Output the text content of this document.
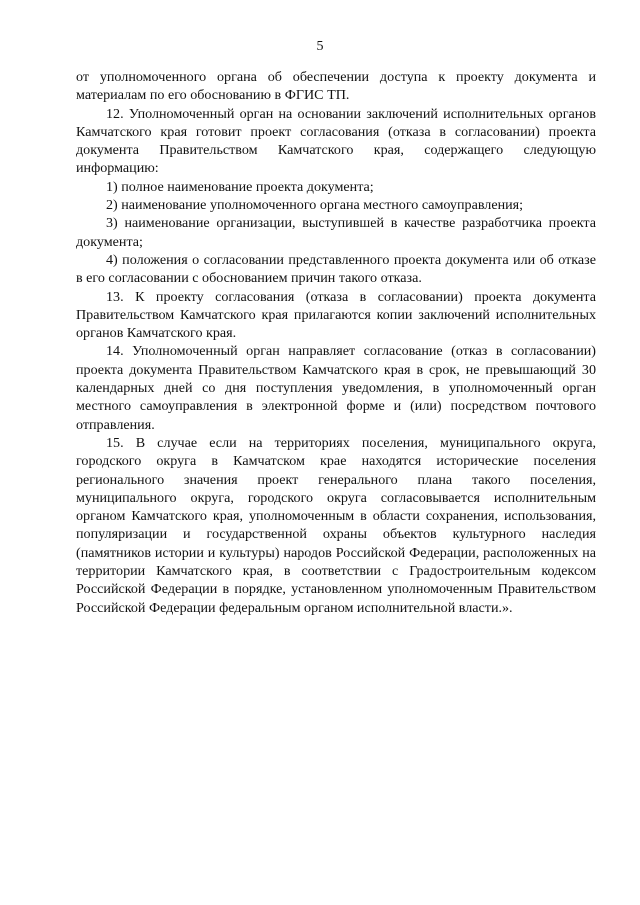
5

от уполномоченного органа об обеспечении доступа к проекту документа и материалам по его обоснованию в ФГИС ТП.

12. Уполномоченный орган на основании заключений исполнительных органов Камчатского края готовит проект согласования (отказа в согласовании) проекта документа Правительством Камчатского края, содержащего следующую информацию:

1) полное наименование проекта документа;

2) наименование уполномоченного органа местного самоуправления;

3) наименование организации, выступившей в качестве разработчика проекта документа;

4) положения о согласовании представленного проекта документа или об отказе в его согласовании с обоснованием причин такого отказа.

13. К проекту согласования (отказа в согласовании) проекта документа Правительством Камчатского края прилагаются копии заключений исполнительных органов Камчатского края.

14. Уполномоченный орган направляет согласование (отказ в согласовании) проекта документа Правительством Камчатского края в срок, не превышающий 30 календарных дней со дня поступления уведомления, в уполномоченный орган местного самоуправления в электронной форме и (или) посредством почтового отправления.

15. В случае если на территориях поселения, муниципального округа, городского округа в Камчатском крае находятся исторические поселения регионального значения проект генерального плана такого поселения, муниципального округа, городского округа согласовывается исполнительным органом Камчатского края, уполномоченным в области сохранения, использования, популяризации и государственной охраны объектов культурного наследия (памятников истории и культуры) народов Российской Федерации, расположенных на территории Камчатского края, в соответствии с Градостроительным кодексом Российской Федерации в порядке, установленном уполномоченным Правительством Российской Федерации федеральным органом исполнительной власти.».
